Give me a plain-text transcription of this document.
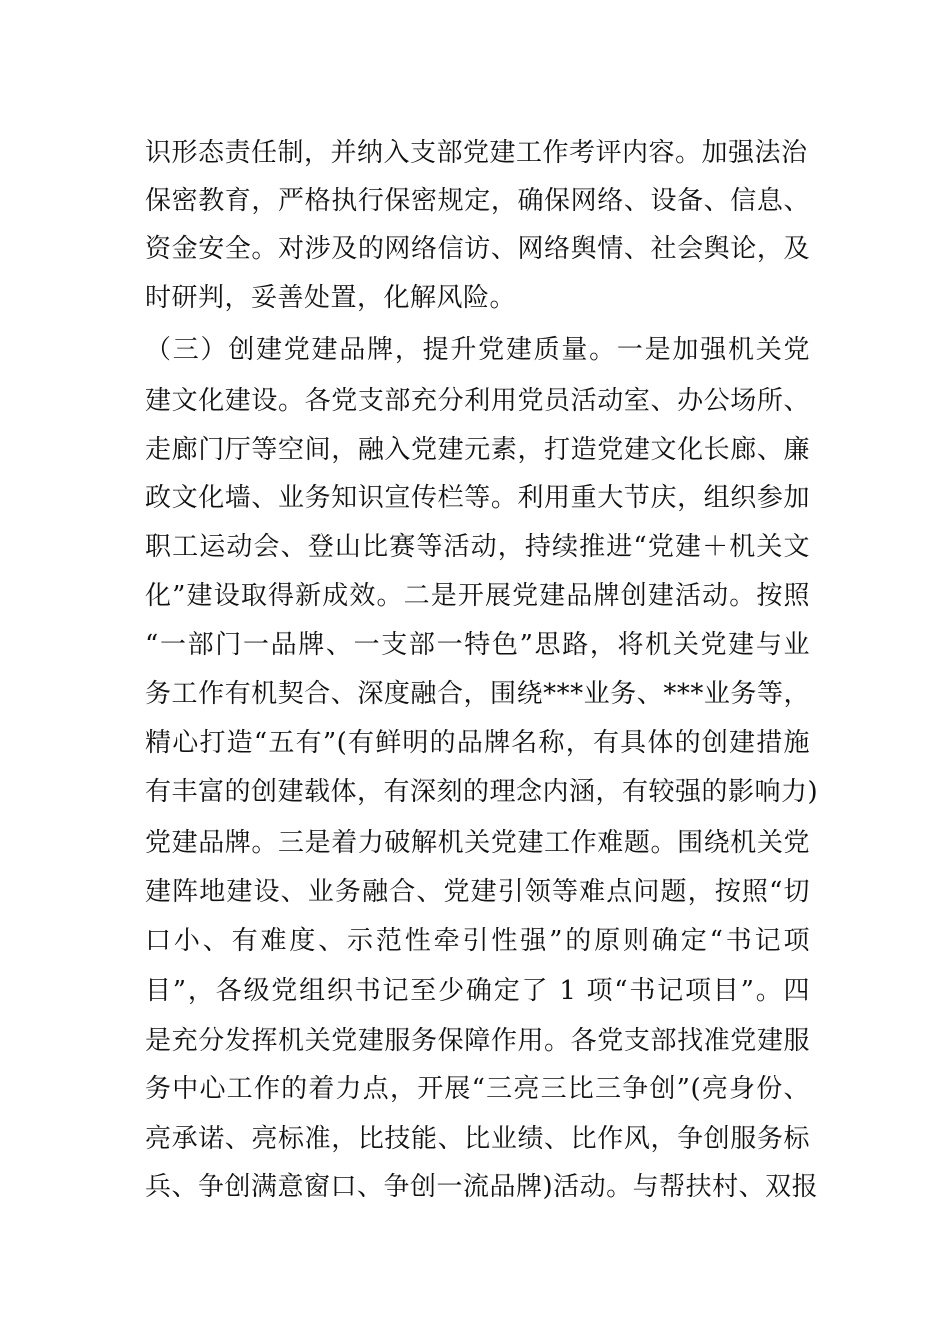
识形态责任制，并纳入支部党建工作考评内容。加强法治
保密教育，严格执行保密规定，确保网络、设备、信息、
资金安全。对涉及的网络信访、网络舆情、社会舆论，及
时研判，妥善处置，化解风险。
（三）创建党建品牌，提升党建质量。一是加强机关党
建文化建设。各党支部充分利用党员活动室、办公场所、
走廊门厅等空间，融入党建元素，打造党建文化长廊、廉
政文化墙、业务知识宣传栏等。利用重大节庆，组织参加
职工运动会、登山比赛等活动，持续推进“党建＋机关文
化”建设取得新成效。二是开展党建品牌创建活动。按照
“一部门一品牌、一支部一特色”思路，将机关党建与业
务工作有机契合、深度融合，围绕***业务、***业务等，
精心打造“五有”(有鲜明的品牌名称，有具体的创建措施
有丰富的创建载体，有深刻的理念内涵，有较强的影响力)
党建品牌。三是着力破解机关党建工作难题。围绕机关党
建阵地建设、业务融合、党建引领等难点问题，按照“切
口小、有难度、示范性牵引性强”的原则确定“书记项
目”，各级党组织书记至少确定了 1 项“书记项目”。四
是充分发挥机关党建服务保障作用。各党支部找准党建服
务中心工作的着力点，开展“三亮三比三争创”(亮身份、
亮承诺、亮标准，比技能、比业绩、比作风，争创服务标
兵、争创满意窗口、争创一流品牌)活动。与帮扶村、双报
